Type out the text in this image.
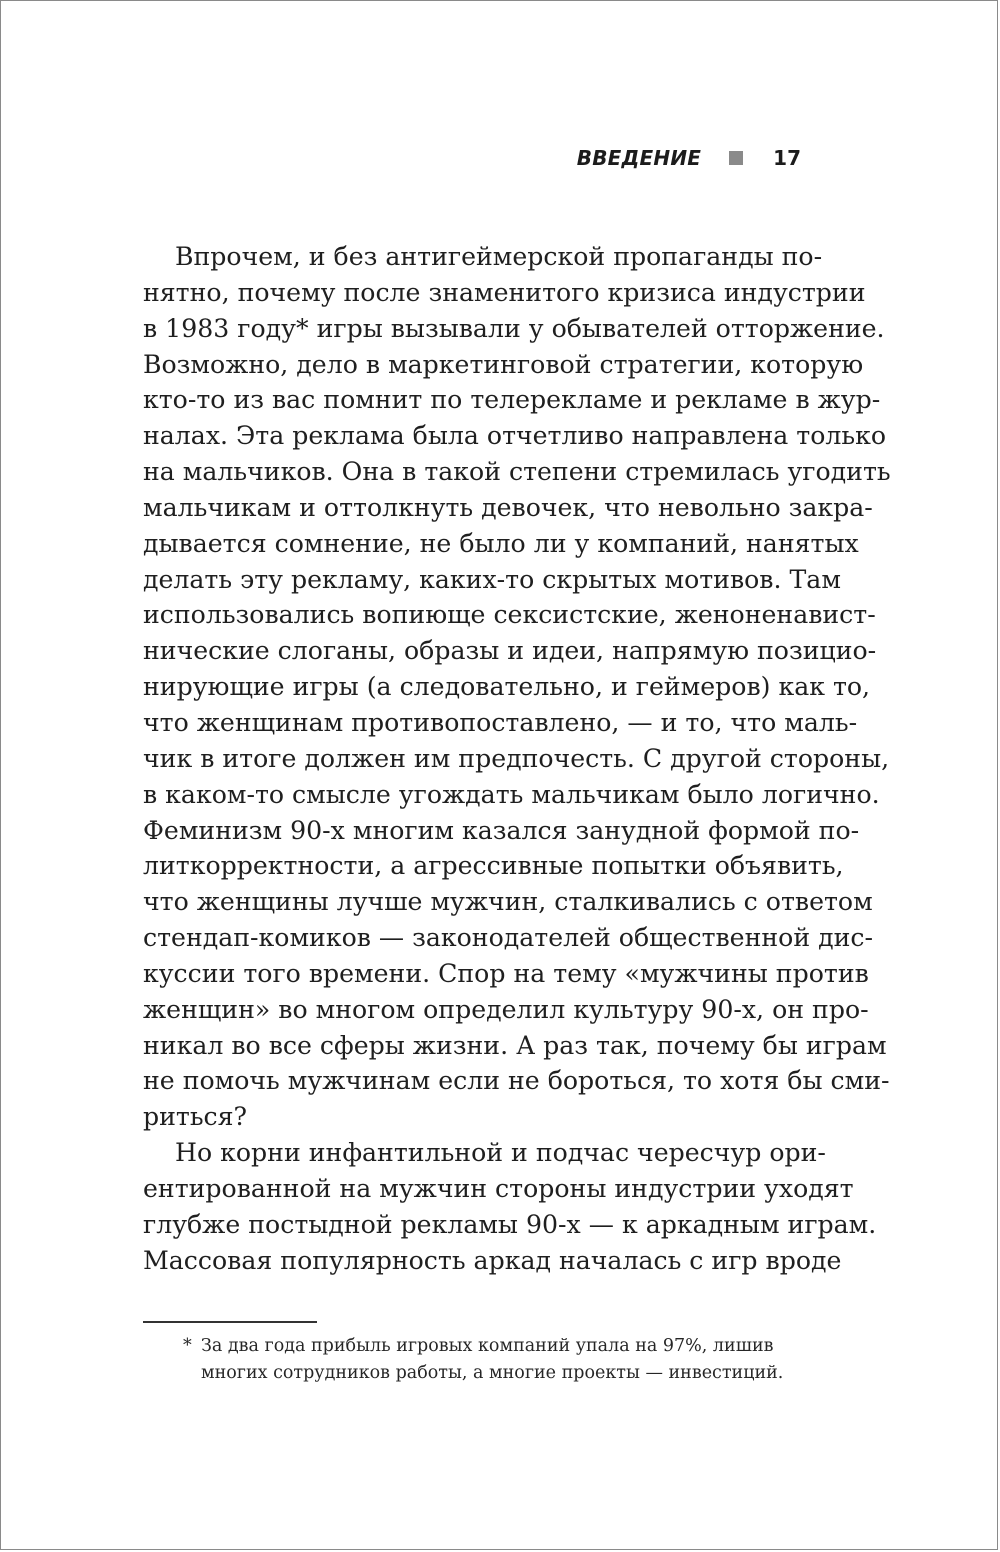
ВВЕДЕНИЕ	17
Впрочем, и без антигеймерской пропаганды по-
нятно, почему после знаменитого кризиса индустрии
в 1983 году* игры вызывали у обывателей отторжение.
Возможно, дело в маркетинговой стратегии, которую
кто-то из вас помнит по телерекламе и рекламе в жур-
налах. Эта реклама была отчетливо направлена только
на мальчиков. Она в такой степени стремилась угодить
мальчикам и оттолкнуть девочек, что невольно закра-
дывается сомнение, не было ли у компаний, нанятых
делать эту рекламу, каких-то скрытых мотивов. Там
использовались вопиюще сексистские, женоненавист-
нические слоганы, образы и идеи, напрямую позицио-
нирующие игры (а следовательно, и геймеров) как то,
что женщинам противопоставлено, — и то, что маль-
чик в итоге должен им предпочесть. С другой стороны,
в каком-то смысле угождать мальчикам было логично.
Феминизм 90-х многим казался занудной формой по-
литкорректности, а агрессивные попытки объявить,
что женщины лучше мужчин, сталкивались с ответом
стендап-комиков — законодателей общественной дис-
куссии того времени. Спор на тему «мужчины против
женщин» во многом определил культуру 90-х, он про-
никал во все сферы жизни. А раз так, почему бы играм
не помочь мужчинам если не бороться, то хотя бы сми-
риться?
Но корни инфантильной и подчас чересчур ори-
ентированной на мужчин стороны индустрии уходят
глубже постыдной рекламы 90-х — к аркадным играм.
Массовая популярность аркад началась с игр вроде
* За два года прибыль игровых компаний упала на 97%, лишив
многих сотрудников работы, а многие проекты — инвестиций.
